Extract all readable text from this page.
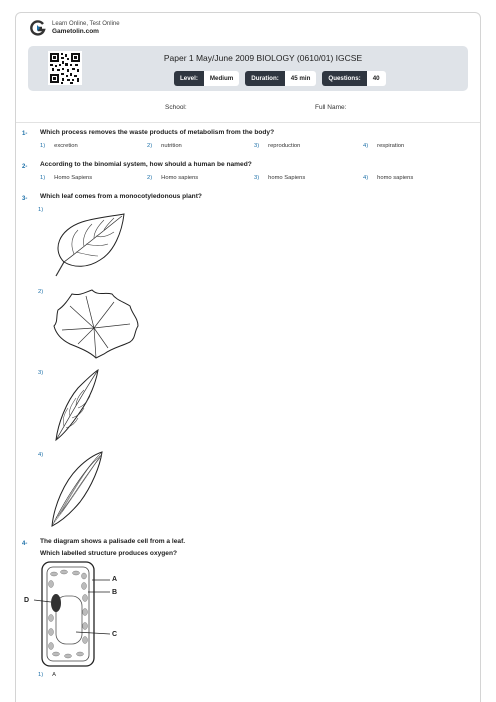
Learn Online, Test Online
Gametolin.com
Paper 1 May/June 2009 BIOLOGY (0610/01) IGCSE
Level:	Medium	Duration:	45 min	Questions:	40
School:	Full Name:
1- Which process removes the waste products of metabolism from the body?
1) excretion	2) nutrition	3) reproduction	4) respiration
2- According to the binomial system, how should a human be named?
1) Homo Sapiens	2) Homo sapiens	3) homo Sapiens	4) homo sapiens
3- Which leaf comes from a monocotyledonous plant?
1)
2)
3)
4)
4- The diagram shows a palisade cell from a leaf.
Which labelled structure produces oxygen?
A
B
C
D
1) A
